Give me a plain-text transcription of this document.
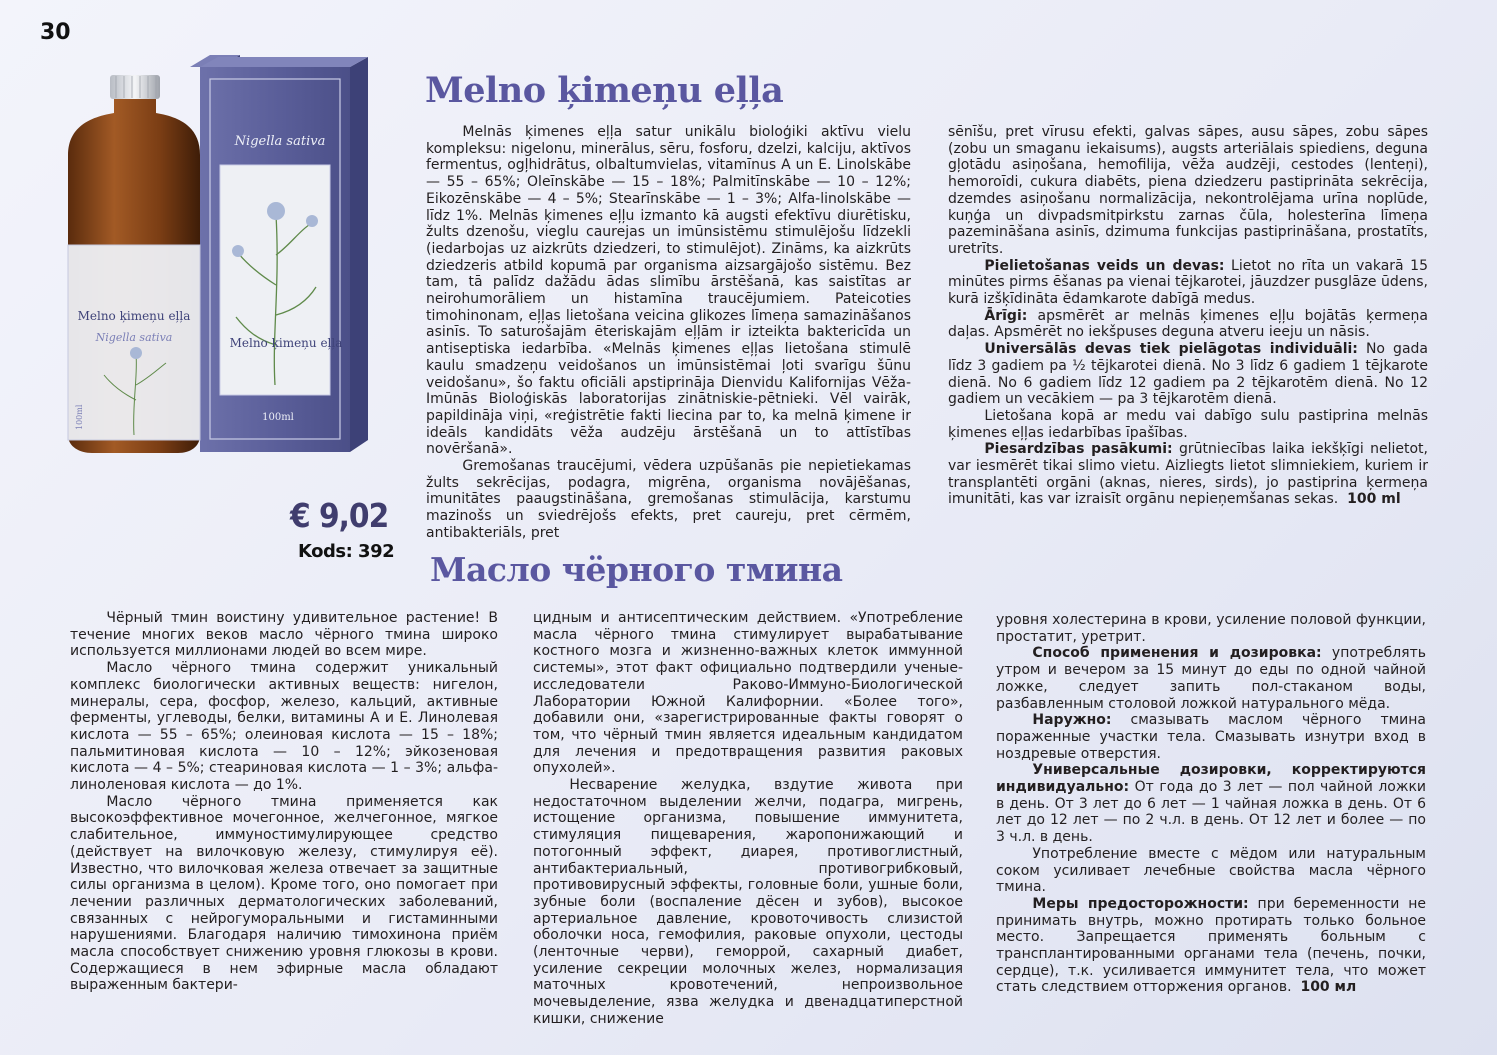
30
Nigella sativa
Melno ķimeņu eļļa
100ml
Melno ķimeņu eļļa
Nigella sativa
100ml
€ 9,02
Kods: 392
Melno ķimeņu eļļa

Melnās ķimenes eļļa satur unikālu bioloģiki aktīvu vielu kompleksu: nigelonu, minerālus, sēru, fosforu, dzelzi, kalciju, aktīvos fermentus, ogļhidrātus, olbaltumvielas, vitamīnus A un E. Linolskābe — 55 – 65%; Oleīnskābe — 15 – 18%; Palmitīnskābe — 10 – 12%; Eikozēnskābe — 4 – 5%; Stearīnskābe — 1 – 3%; Alfa-linolskābe — līdz 1%. Melnās ķimenes eļļu izmanto kā augsti efektīvu diurētisku, žults dzenošu, vieglu caurejas un imūnsistēmu stimulējošu līdzekli (iedarbojas uz aizkrūts dziedzeri, to stimulējot). Zināms, ka aizkrūts dziedzeris atbild kopumā par organisma aizsargājošo sistēmu. Bez tam, tā palīdz dažādu ādas slimību ārstēšanā, kas saistītas ar neirohumorāliem un histamīna traucējumiem. Pateicoties timohinonam, eļļas lietošana veicina glikozes līmeņa samazināšanos asinīs. To saturošajām ēteriskajām eļļām ir izteikta baktericīda un antiseptiska iedarbība. «Melnās ķimenes eļļas lietošana stimulē kaulu smadzeņu veidošanos un imūnsistēmai ļoti svarīgu šūnu veidošanu», šo faktu oficiāli apstiprināja Dienvidu Kalifornijas Vēža-Imūnās Bioloģiskās laboratorijas zinātniskie-pētnieki. Vēl vairāk, papildināja viņi, «reģistrētie fakti liecina par to, ka melnā ķimene ir ideāls kandidāts vēža audzēju ārstēšanā un to attīstības novēršanā».

Gremošanas traucējumi, vēdera uzpūšanās pie nepietiekamas žults sekrēcijas, podagra, migrēna, organisma novājēšanas, imunitātes paaugstināšana, gremošanas stimulācija, karstumu mazinošs un sviedrējošs efekts, pret caureju, pret cērmēm, antibakteriāls, pret

sēnīšu, pret vīrusu efekti, galvas sāpes, ausu sāpes, zobu sāpes (zobu un smaganu iekaisums), augsts arteriālais spiediens, deguna gļotādu asiņošana, hemofilija, vēža audzēji, cestodes (lenteņi), hemoroīdi, cukura diabēts, piena dziedzeru pastiprināta sekrēcija, dzemdes asiņošanu normalizācija, nekontrolējama urīna noplūde, kuņģa un divpadsmitpirkstu zarnas čūla, holesterīna līmeņa pazemināšana asinīs, dzimuma funkcijas pastiprināšana, prostatīts, uretrīts.

Pielietošanas veids un devas: Lietot no rīta un vakarā 15 minūtes pirms ēšanas pa vienai tējkarotei, jāuzdzer pusglāze ūdens, kurā izšķīdināta ēdamkarote dabīgā medus.

Ārīgi: apsmērēt ar melnās ķimenes eļļu bojātās ķermeņa daļas. Apsmērēt no iekšpuses deguna atveru ieeju un nāsis.

Universālās devas tiek pielāgotas individuāli: No gada līdz 3 gadiem pa ½ tējkarotei dienā. No 3 līdz 6 gadiem 1 tējkarote dienā. No 6 gadiem līdz 12 gadiem pa 2 tējkarotēm dienā. No 12 gadiem un vecākiem — pa 3 tējkarotēm dienā.

Lietošana kopā ar medu vai dabīgo sulu pastiprina melnās ķimenes eļļas iedarbības īpašības.

Piesardzības pasākumi: grūtniecības laika iekšķīgi nelietot, var iesmērēt tikai slimo vietu. Aizliegts lietot slimniekiem, kuriem ir transplantēti orgāni (aknas, nieres, sirds), jo pastiprina ķermeņa imunitāti, kas var izraisīt orgānu nepieņemšanas sekas. 100 ml

Масло чёрного тмина

Чёрный тмин воистину удивительное растение! В течение многих веков масло чёрного тмина широко используется миллионами людей во всем мире.

Масло чёрного тмина содержит уникальный комплекс биологически активных веществ: нигелон, минералы, сера, фосфор, железо, кальций, активные ферменты, углеводы, белки, витамины А и Е. Линолевая кислота — 55 – 65%; олеиновая кислота — 15 – 18%; пальмитиновая кислота — 10 – 12%; эйкозеновая кислота — 4 – 5%; стеариновая кислота — 1 – 3%; альфа-линоленовая кислота — до 1%.

Масло чёрного тмина применяется как высокоэффективное мочегонное, желчегонное, мягкое слабительное, иммуностимулирующее средство (действует на вилочковую железу, стимулируя её). Известно, что вилочковая железа отвечает за защитные силы организма в целом). Кроме того, оно помогает при лечении различных дерматологических заболеваний, связанных с нейрогуморальными и гистаминными нарушениями. Благодаря наличию тимохинона приём масла способствует снижению уровня глюкозы в крови. Содержащиеся в нем эфирные масла обладают выраженным бактери-

цидным и антисептическим действием. «Употребление масла чёрного тмина стимулирует вырабатывание костного мозга и жизненно-важных клеток иммунной системы», этот факт официально подтвердили ученые-исследователи Раково-Иммуно-Биологической Лаборатории Южной Калифорнии. «Более того», добавили они, «зарегистрированные факты говорят о том, что чёрный тмин является идеальным кандидатом для лечения и предотвращения развития раковых опухолей».

Несварение желудка, вздутие живота при недостаточном выделении желчи, подагра, мигрень, истощение организма, повышение иммунитета, стимуляция пищеварения, жаропонижающий и потогонный эффект, диарея, противоглистный, антибактериальный, противогрибковый, противовирусный эффекты, головные боли, ушные боли, зубные боли (воспаление дёсен и зубов), высокое артериальное давление, кровоточивость слизистой оболочки носа, гемофилия, раковые опухоли, цестоды (ленточные черви), геморрой, сахарный диабет, усиление секреции молочных желез, нормализация маточных кровотечений, непроизвольное мочевыделение, язва желудка и двенадцатиперстной кишки, снижение

уровня холестерина в крови, усиление половой функции, простатит, уретрит.

Способ применения и дозировка: употреблять утром и вечером за 15 минут до еды по одной чайной ложке, следует запить пол-стаканом воды, разбавленным столовой ложкой натурального мёда.

Наружно: смазывать маслом чёрного тмина пораженные участки тела. Смазывать изнутри вход в ноздревые отверстия.

Универсальные дозировки, корректируются индивидуально: От года до 3 лет — пол чайной ложки в день. От 3 лет до 6 лет — 1 чайная ложка в день. От 6 лет до 12 лет — по 2 ч.л. в день. От 12 лет и более — по 3 ч.л. в день.

Употребление вместе с мёдом или натуральным соком усиливает лечебные свойства масла чёрного тмина.

Меры предосторожности: при беременности не принимать внутрь, можно протирать только больное место. Запрещается применять больным с трансплантированными органами тела (печень, почки, сердце), т.к. усиливается иммунитет тела, что может стать следствием отторжения органов. 100 мл
